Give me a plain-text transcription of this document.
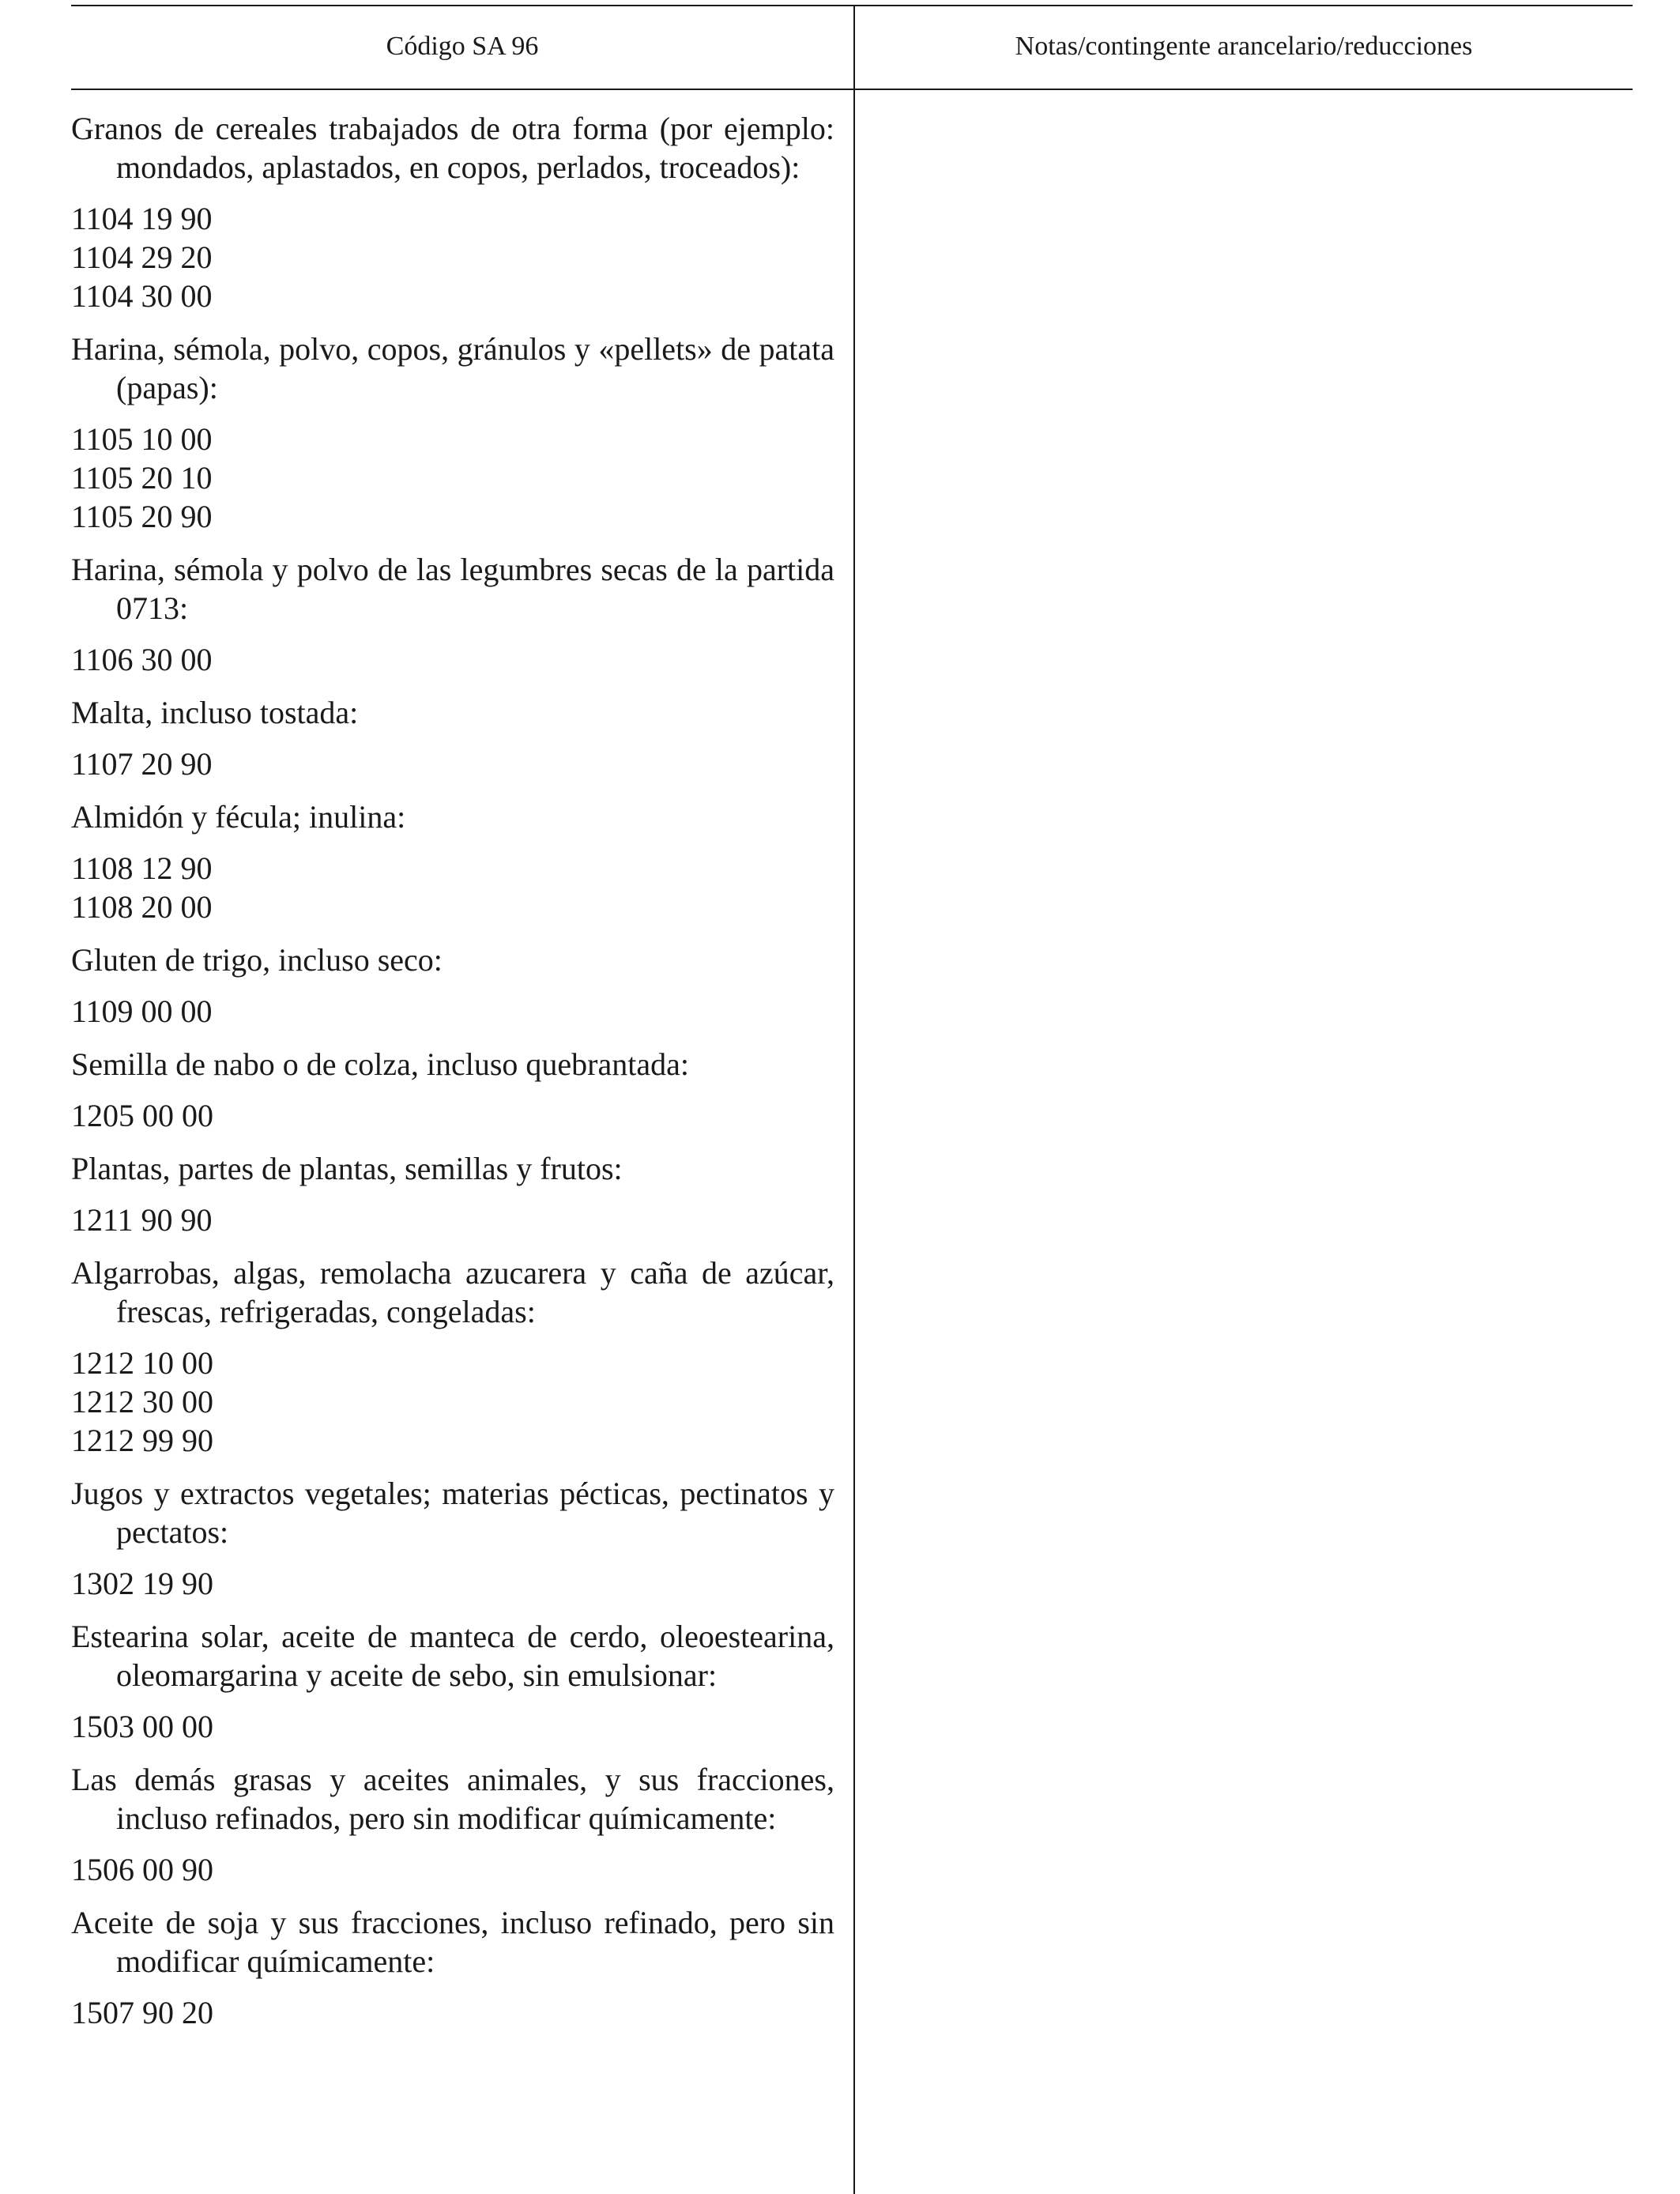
Código SA 96	Notas/contingente arancelario/reducciones

Granos de cereales trabajados de otra forma (por ejemplo: mondados, aplastados, en copos, perlados, troceados):

1104 19 90
1104 29 20
1104 30 00

Harina, sémola, polvo, copos, gránulos y «pellets» de patata (papas):

1105 10 00
1105 20 10
1105 20 90

Harina, sémola y polvo de las legumbres secas de la partida 0713:

1106 30 00

Malta, incluso tostada:

1107 20 90

Almidón y fécula; inulina:

1108 12 90
1108 20 00

Gluten de trigo, incluso seco:

1109 00 00

Semilla de nabo o de colza, incluso quebrantada:

1205 00 00

Plantas, partes de plantas, semillas y frutos:

1211 90 90

Algarrobas, algas, remolacha azucarera y caña de azúcar, frescas, refrigeradas, congeladas:

1212 10 00
1212 30 00
1212 99 90

Jugos y extractos vegetales; materias pécticas, pectinatos y pectatos:

1302 19 90

Estearina solar, aceite de manteca de cerdo, oleoestearina, oleomargarina y aceite de sebo, sin emulsionar:

1503 00 00

Las demás grasas y aceites animales, y sus fracciones, incluso refinados, pero sin modificar químicamente:

1506 00 90

Aceite de soja y sus fracciones, incluso refinado, pero sin modificar químicamente:

1507 90 20
